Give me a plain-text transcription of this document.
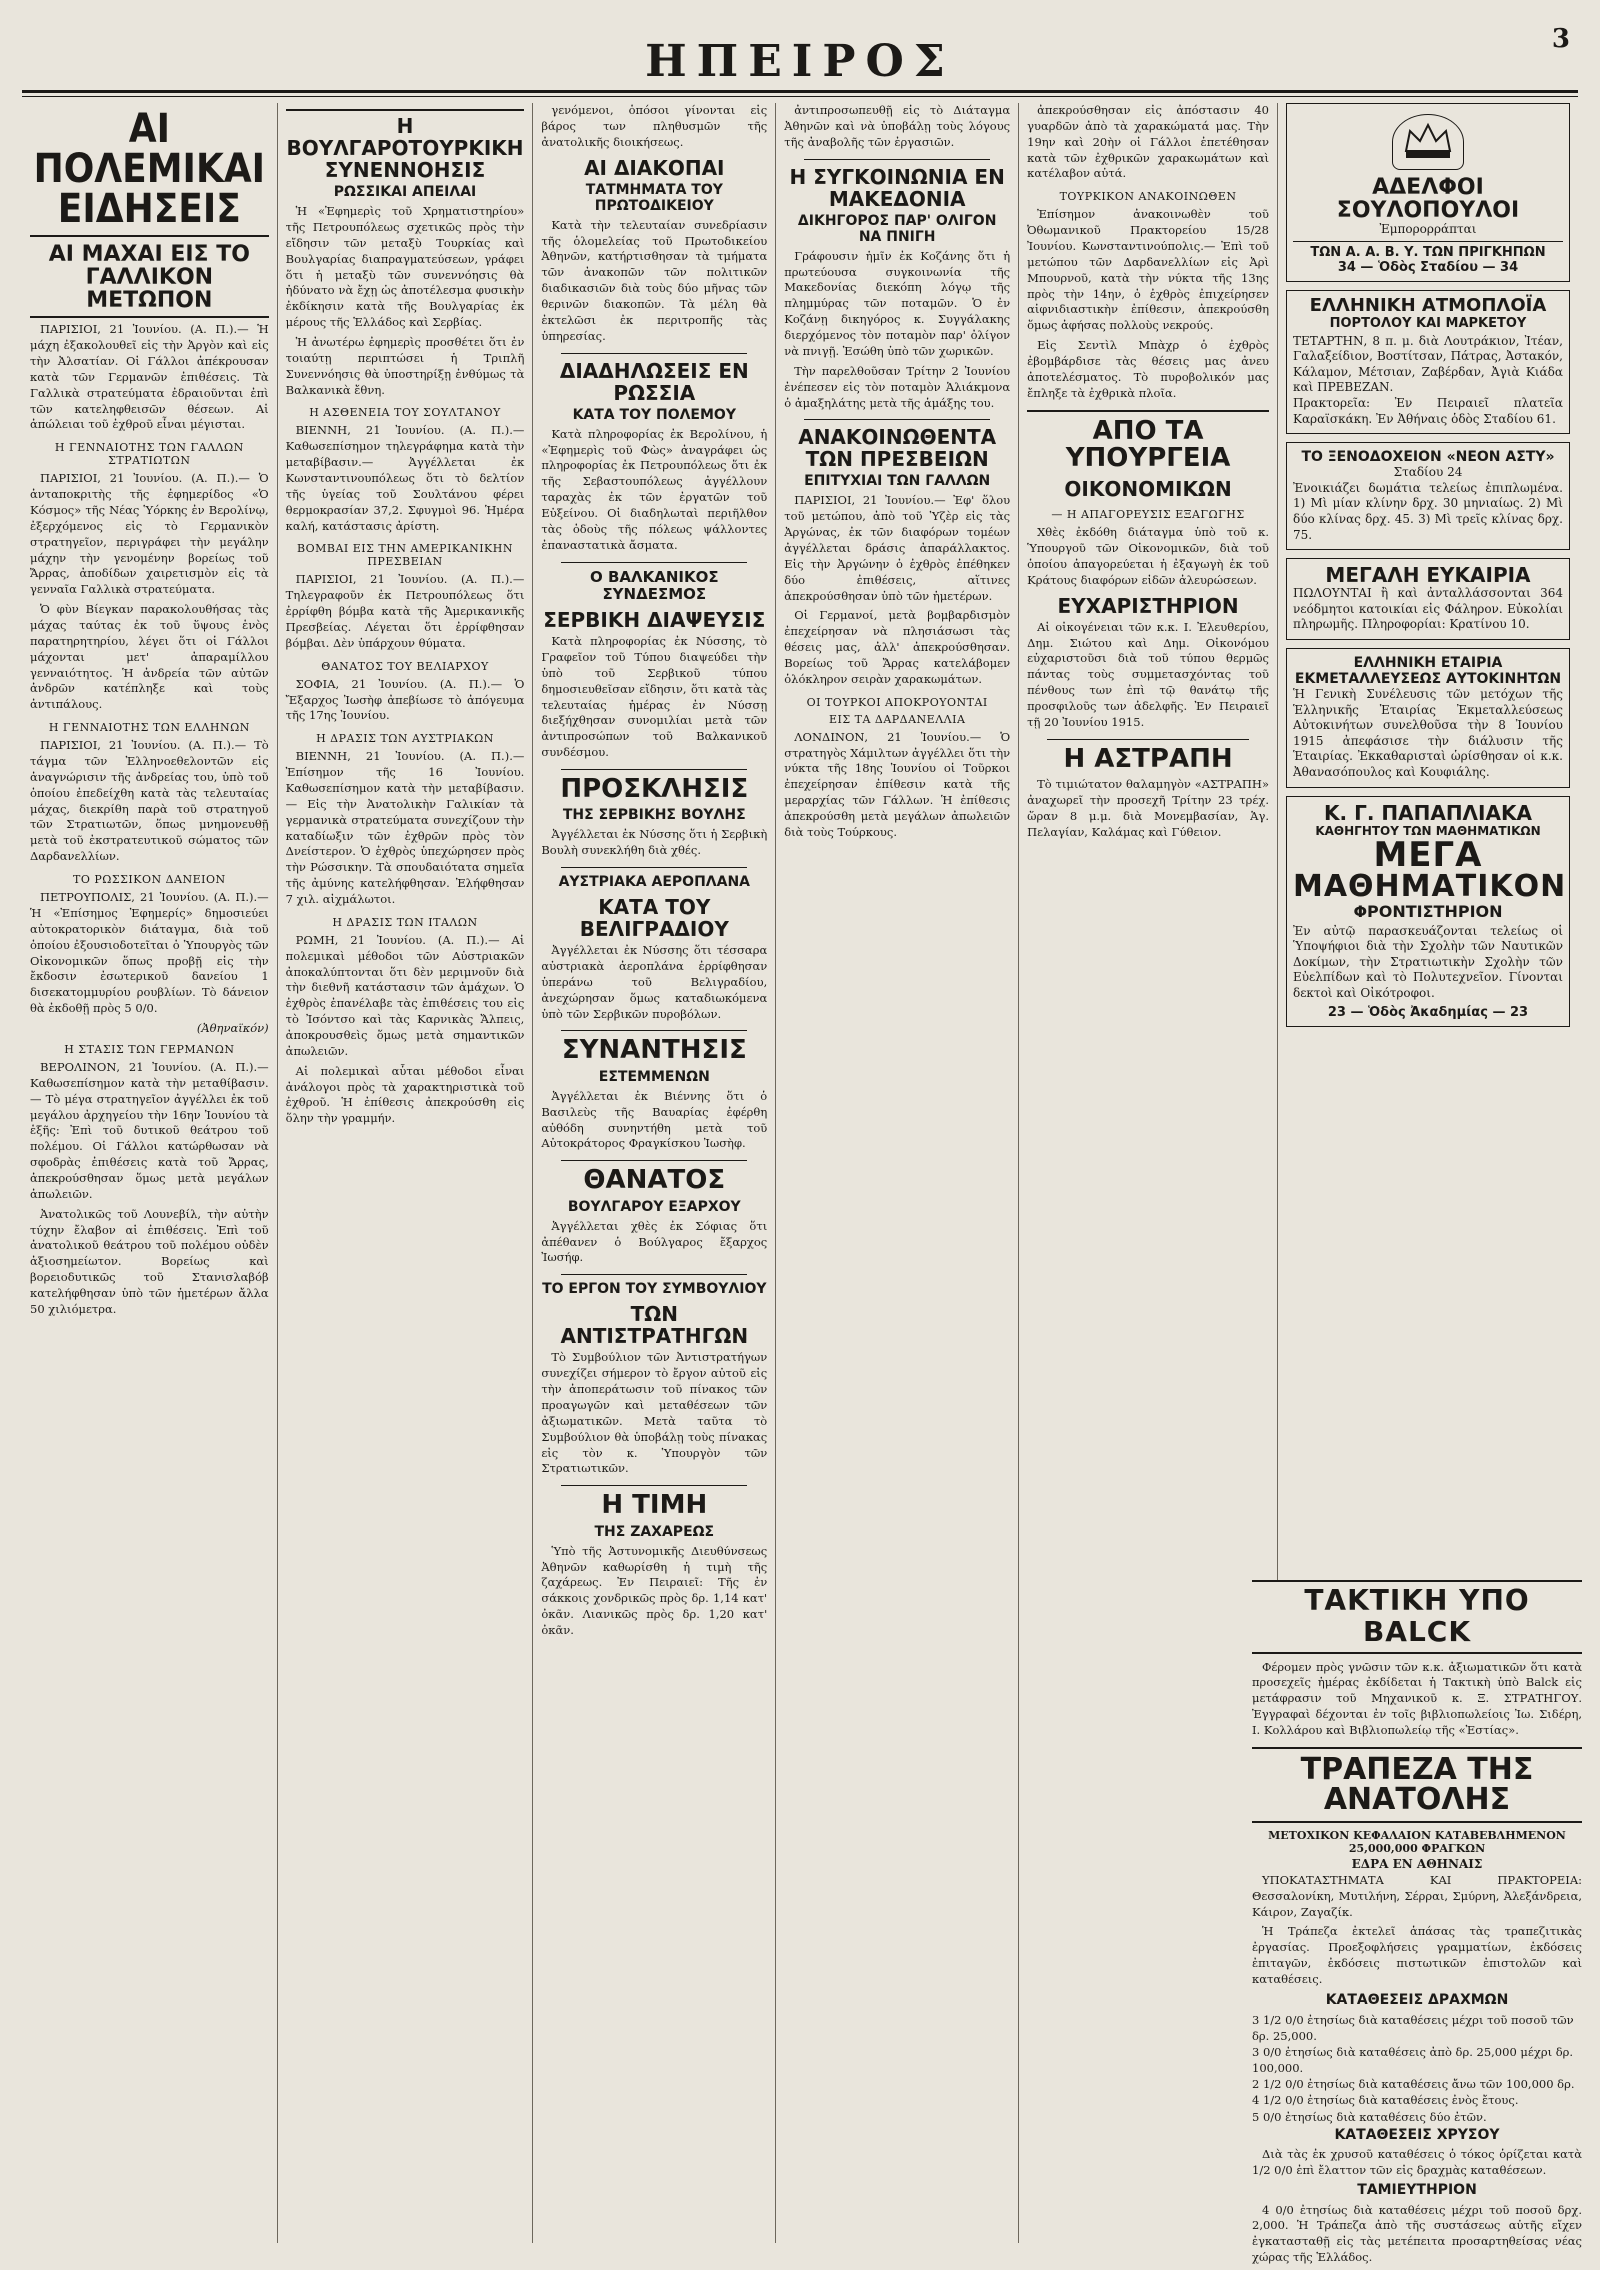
ΗΠΕΙΡΟΣ	3
ΑΙ ΠΟΛΕΜΙΚΑΙ ΕΙΔΗΣΕΙΣ
ΑΙ ΜΑΧΑΙ ΕΙΣ ΤΟ ΓΑΛΛΙΚΟΝ ΜΕΤΩΠΟΝ

ΠΑΡΙΣΙΟΙ, 21 Ἰουνίου. (Α. Π.).— Ἡ μάχη ἐξακολουθεῖ εἰς τὴν Ἀργὸν καὶ εἰς τὴν Ἀλσατίαν. Οἱ Γάλλοι ἀπέκρουσαν κατὰ τῶν Γερμανῶν ἐπιθέσεις. Τὰ Γαλλικὰ στρατεύματα ἐδραιοῦνται ἐπὶ τῶν κατεληφθεισῶν θέσεων. Αἱ ἀπώλειαι τοῦ ἐχθροῦ εἶναι μέγισται.

Η ΓΕΝΝΑΙΟΤΗΣ ΤΩΝ ΓΑΛΛΩΝ ΣΤΡΑΤΙΩΤΩΝ

ΠΑΡΙΣΙΟΙ, 21 Ἰουνίου. (Α. Π.).— Ὁ ἀνταποκριτὴς τῆς ἐφημερίδος «Ὁ Κόσμος» τῆς Νέας Ὑόρκης ἐν Βερολίνῳ, ἐξερχόμενος εἰς τὸ Γερμανικὸν στρατηγεῖον, περιγράφει τὴν μεγάλην μάχην τὴν γενομένην βορείως τοῦ Ἄρρας, ἀποδίδων χαιρετισμὸν εἰς τὰ γενναῖα Γαλλικὰ στρατεύματα.

Ὁ φὺν Βίεγκαν παρακολουθήσας τὰς μάχας ταύτας ἐκ τοῦ ὕψους ἑνὸς παρατηρητηρίου, λέγει ὅτι οἱ Γάλλοι μάχονται μετ' ἀπαραμίλλου γενναιότητος. Ἡ ἀνδρεία τῶν αὐτῶν ἀνδρῶν κατέπληξε καὶ τοὺς ἀντιπάλους.

Η ΓΕΝΝΑΙΟΤΗΣ ΤΩΝ ΕΛΛΗΝΩΝ

ΠΑΡΙΣΙΟΙ, 21 Ἰουνίου. (Α. Π.).— Τὸ τάγμα τῶν Ἑλληνοεθελοντῶν εἰς ἀναγνώρισιν τῆς ἀνδρείας του, ὑπὸ τοῦ ὁποίου ἐπεδείχθη κατὰ τὰς τελευταίας μάχας, διεκρίθη παρὰ τοῦ στρατηγοῦ τῶν Στρατιωτῶν, ὅπως μνημονευθῇ μετὰ τοῦ ἐκστρατευτικοῦ σώματος τῶν Δαρδανελλίων.

ΤΟ ΡΩΣΣΙΚΟΝ ΔΑΝΕΙΟΝ

ΠΕΤΡΟΥΠΟΛΙΣ, 21 Ἰουνίου. (Α. Π.).— Ἡ «Ἐπίσημος Ἐφημερίς» δημοσιεύει αὐτοκρατορικὸν διάταγμα, διὰ τοῦ ὁποίου ἐξουσιοδοτεῖται ὁ Ὑπουργὸς τῶν Οἰκονομικῶν ὅπως προβῇ εἰς τὴν ἔκδοσιν ἐσωτερικοῦ δανείου 1 δισεκατομμυρίου ρουβλίων. Τὸ δάνειον θὰ ἐκδοθῇ πρὸς 5 0/0.

(Ἀθηναϊκόν)
Η ΣΤΑΣΙΣ ΤΩΝ ΓΕΡΜΑΝΩΝ

ΒΕΡΟΛΙΝΟΝ, 21 Ἰουνίου. (Α. Π.).— Καθωσεπίσημον κατὰ τὴν μεταθίβασιν.— Τὸ μέγα στρατηγεῖον ἀγγέλλει ἐκ τοῦ μεγάλου ἀρχηγείου τὴν 16ην Ἰουνίου τὰ ἑξῆς: Ἐπὶ τοῦ δυτικοῦ θεάτρου τοῦ πολέμου. Οἱ Γάλλοι κατώρθωσαν νὰ σφοδρὰς ἐπιθέσεις κατὰ τοῦ Ἄρρας, ἀπεκρούσθησαν ὅμως μετὰ μεγάλων ἀπωλειῶν.

Ἀνατολικῶς τοῦ Λουνεβίλ, τὴν αὐτὴν τύχην ἔλαβον αἱ ἐπιθέσεις. Ἐπὶ τοῦ ἀνατολικοῦ θεάτρου τοῦ πολέμου οὐδὲν ἀξιοσημείωτον. Βορείως καὶ βορειοδυτικῶς τοῦ Στανισλαβόβ κατελήφθησαν ὑπὸ τῶν ἡμετέρων ἄλλα 50 χιλιόμετρα.

Η ΒΟΥΛΓΑΡΟΤΟΥΡΚΙΚΗ ΣΥΝΕΝΝΟΗΣΙΣ
ΡΩΣΣΙΚΑΙ ΑΠΕΙΛΑΙ

Ἡ «Ἐφημερὶς τοῦ Χρηματιστηρίου» τῆς Πετρουπόλεως σχετικῶς πρὸς τὴν εἴδησιν τῶν μεταξὺ Τουρκίας καὶ Βουλγαρίας διαπραγματεύσεων, γράφει ὅτι ἡ μεταξὺ τῶν συνεννόησις θὰ ἠδύνατο νὰ ἔχῃ ὡς ἀποτέλεσμα φυσικὴν ἐκδίκησιν κατὰ τῆς Βουλγαρίας ἐκ μέρους τῆς Ἑλλάδος καὶ Σερβίας.

Ἡ ἀνωτέρω ἐφημερὶς προσθέτει ὅτι ἐν τοιαύτῃ περιπτώσει ἡ Τριπλῆ Συνεννόησις θὰ ὑποστηρίξῃ ἐνθύμως τὰ Βαλκανικὰ ἔθνη.

Η ΑΣΘΕΝΕΙΑ ΤΟΥ ΣΟΥΛΤΑΝΟΥ

ΒΙΕΝΝΗ, 21 Ἰουνίου. (Α. Π.).— Καθωσεπίσημον τηλεγράφημα κατὰ τὴν μεταβίβασιν.— Ἀγγέλλεται ἐκ Κωνσταντινουπόλεως ὅτι τὸ δελτίον τῆς ὑγείας τοῦ Σουλτάνου φέρει θερμοκρασίαν 37,2. Σφυγμοὶ 96. Ἡμέρα καλή, κατάστασις ἀρίστη.

ΒΟΜΒΑΙ ΕΙΣ ΤΗΝ ΑΜΕΡΙΚΑΝΙΚΗΝ ΠΡΕΣΒΕΙΑΝ

ΠΑΡΙΣΙΟΙ, 21 Ἰουνίου. (Α. Π.).— Τηλεγραφοῦν ἐκ Πετρουπόλεως ὅτι ἐρρίφθη βόμβα κατὰ τῆς Ἀμερικανικῆς Πρεσβείας. Λέγεται ὅτι ἐρρίφθησαν βόμβαι. Δὲν ὑπάρχουν θύματα.

ΘΑΝΑΤΟΣ ΤΟΥ ΒΕΛΙΑΡΧΟΥ

ΣΟΦΙΑ, 21 Ἰουνίου. (Α. Π.).— Ὁ Ἔξαρχος Ἰωσὴφ ἀπεβίωσε τὸ ἀπόγευμα τῆς 17ης Ἰουνίου.

Η ΔΡΑΣΙΣ ΤΩΝ ΑΥΣΤΡΙΑΚΩΝ

ΒΙΕΝΝΗ, 21 Ἰουνίου. (Α. Π.).— Ἐπίσημον τῆς 16 Ἰουνίου. Καθωσεπίσημον κατὰ τὴν μεταβίβασιν.— Εἰς τὴν Ἀνατολικὴν Γαλικίαν τὰ γερμανικὰ στρατεύματα συνεχίζουν τὴν καταδίωξιν τῶν ἐχθρῶν πρὸς τὸν Δνείστερον. Ὁ ἐχθρὸς ὑπεχώρησεν πρὸς τὴν Ρώσσικην. Τὰ σπουδαιότατα σημεῖα τῆς ἀμύνης κατελήφθησαν. Ἐλήφθησαν 7 χιλ. αἰχμάλωτοι.

Η ΔΡΑΣΙΣ ΤΩΝ ΙΤΑΛΩΝ

ΡΩΜΗ, 21 Ἰουνίου. (Α. Π.).— Αἱ πολεμικαὶ μέθοδοι τῶν Αὐστριακῶν ἀποκαλύπτονται ὅτι δὲν μεριμνοῦν διὰ τὴν διεθνῆ κατάστασιν τῶν ἀμάχων. Ὁ ἐχθρὸς ἐπανέλαβε τὰς ἐπιθέσεις του εἰς τὸ Ἰσόντσο καὶ τὰς Καρνικὰς Ἄλπεις, ἀποκρουσθεὶς ὅμως μετὰ σημαντικῶν ἀπωλειῶν.

Αἱ πολεμικαὶ αὗται μέθοδοι εἶναι ἀνάλογοι πρὸς τὰ χαρακτηριστικὰ τοῦ ἐχθροῦ. Ἡ ἐπίθεσις ἀπεκρούσθη εἰς ὅλην τὴν γραμμήν.

γενόμενοι, ὁπόσοι γίνονται εἰς βάρος των πληθυσμῶν τῆς ἀνατολικῆς διοικήσεως.

ΑΙ ΔΙΑΚΟΠΑΙ
ΤΑΤΜΗΜΑΤΑ ΤΟΥ ΠΡΩΤΟΔΙΚΕΙΟΥ

Κατὰ τὴν τελευταίαν συνεδρίασιν τῆς ὁλομελείας τοῦ Πρωτοδικείου Ἀθηνῶν, κατήρτισθησαν τὰ τμήματα τῶν ἀνακοπῶν τῶν πολιτικῶν διαδικασιῶν διὰ τοὺς δύο μῆνας τῶν θερινῶν διακοπῶν. Τὰ μέλη θὰ ἐκτελῶσι ἐκ περιτροπῆς τὰς ὑπηρεσίας.

ΔΙΑΔΗΛΩΣΕΙΣ ΕΝ ΡΩΣΣΙΑ
ΚΑΤΑ ΤΟΥ ΠΟΛΕΜΟΥ

Κατὰ πληροφορίας ἐκ Βερολίνου, ἡ «Ἐφημερὶς τοῦ Φὼς» ἀναγράφει ὡς πληροφορίας ἐκ Πετρουπόλεως ὅτι ἐκ τῆς Σεβαστουπόλεως ἀγγέλλουν ταραχὰς ἐκ τῶν ἐργατῶν τοῦ Εὐξείνου. Οἱ διαδηλωταὶ περιῆλθον τὰς ὁδοὺς τῆς πόλεως ψάλλοντες ἐπαναστατικὰ ἄσματα.

Ο ΒΑΛΚΑΝΙΚΟΣ ΣΥΝΔΕΣΜΟΣ
ΣΕΡΒΙΚΗ ΔΙΑΨΕΥΣΙΣ

Κατὰ πληροφορίας ἐκ Νύσσης, τὸ Γραφεῖον τοῦ Τύπου διαψεύδει τὴν ὑπὸ τοῦ Σερβικοῦ τύπου δημοσιευθεῖσαν εἴδησιν, ὅτι κατὰ τὰς τελευταίας ἡμέρας ἐν Νύσσῃ διεξήχθησαν συνομιλίαι μετὰ τῶν ἀντιπροσώπων τοῦ Βαλκανικοῦ συνδέσμου.

ΠΡΟΣΚΛΗΣΙΣ
ΤΗΣ ΣΕΡΒΙΚΗΣ ΒΟΥΛΗΣ

Ἀγγέλλεται ἐκ Νύσσης ὅτι ἡ Σερβικὴ Βουλὴ συνεκλήθη διὰ χθές.

ΑΥΣΤΡΙΑΚΑ ΑΕΡΟΠΛΑΝΑ
ΚΑΤΑ ΤΟΥ ΒΕΛΙΓΡΑΔΙΟΥ

Ἀγγέλλεται ἐκ Νύσσης ὅτι τέσσαρα αὐστριακὰ ἀεροπλάνα ἐρρίφθησαν ὑπεράνω τοῦ Βελιγραδίου, ἀνεχώρησαν ὅμως καταδιωκόμενα ὑπὸ τῶν Σερβικῶν πυροβόλων.

ΣΥΝΑΝΤΗΣΙΣ
ΕΣΤΕΜΜΕΝΩΝ

Ἀγγέλλεται ἐκ Βιέννης ὅτι ὁ Βασιλεὺς τῆς Βαυαρίας ἐφέρθη αὐθόδη συνηντήθη μετὰ τοῦ Αὐτοκράτορος Φραγκίσκου Ἰωσὴφ.

ΘΑΝΑΤΟΣ
ΒΟΥΛΓΑΡΟΥ ΕΞΑΡΧΟΥ

Ἀγγέλλεται χθὲς ἐκ Σόφιας ὅτι ἀπέθανεν ὁ Βούλγαρος ἔξαρχος Ἰωσήφ.

ΤΟ ΕΡΓΟΝ ΤΟΥ ΣΥΜΒΟΥΛΙΟΥ
ΤΩΝ ΑΝΤΙΣΤΡΑΤΗΓΩΝ

Τὸ Συμβούλιον τῶν Ἀντιστρατήγων συνεχίζει σήμερον τὸ ἔργον αὐτοῦ εἰς τὴν ἀποπεράτωσιν τοῦ πίνακος τῶν προαγωγῶν καὶ μεταθέσεων τῶν ἀξιωματικῶν. Μετὰ ταῦτα τὸ Συμβούλιον θὰ ὑποβάλῃ τοὺς πίνακας εἰς τὸν κ. Ὑπουργὸν τῶν Στρατιωτικῶν.

Η ΤΙΜΗ
ΤΗΣ ΖΑΧΑΡΕΩΣ

Ὑπὸ τῆς Ἀστυνομικῆς Διευθύνσεως Ἀθηνῶν καθωρίσθη ἡ τιμὴ τῆς ζαχάρεως. Ἐν Πειραιεῖ: Τῆς ἐν σάκκοις χονδρικῶς πρὸς δρ. 1,14 κατ' ὀκᾶν. Λιανικῶς πρὸς δρ. 1,20 κατ' ὀκᾶν.

ἀντιπροσωπευθῇ εἰς τὸ Διάταγμα Ἀθηνῶν καὶ νὰ ὑποβάλῃ τοὺς λόγους τῆς ἀναβολῆς τῶν ἐργασιῶν.

Η ΣΥΓΚΟΙΝΩΝΙΑ ΕΝ ΜΑΚΕΔΟΝΙΑ
ΔΙΚΗΓΟΡΟΣ ΠΑΡ' ΟΛΙΓΟΝ ΝΑ ΠΝΙΓΗ

Γράφουσιν ἡμῖν ἐκ Κοζάνης ὅτι ἡ πρωτεύουσα συγκοινωνία τῆς Μακεδονίας διεκόπη λόγῳ τῆς πλημμύρας τῶν ποταμῶν. Ὁ ἐν Κοζάνῃ δικηγόρος κ. Συγγάλακης διερχόμενος τὸν ποταμὸν παρ' ὀλίγον νὰ πνιγῇ. Ἐσώθη ὑπὸ τῶν χωρικῶν.

Τὴν παρελθοῦσαν Τρίτην 2 Ἰουνίου ἐνέπεσεν εἰς τὸν ποταμὸν Ἁλιάκμονα ὁ ἀμαξηλάτης μετὰ τῆς ἁμάξης του.

ΑΝΑΚΟΙΝΩΘΕΝΤΑ ΤΩΝ ΠΡΕΣΒΕΙΩΝ
ΕΠΙΤΥΧΙΑΙ ΤΩΝ ΓΑΛΛΩΝ

ΠΑΡΙΣΙΟΙ, 21 Ἰουνίου.— Ἐφ' ὅλου τοῦ μετώπου, ἀπὸ τοῦ Ὑζὲρ εἰς τὰς Ἀργώνας, ἐκ τῶν διαφόρων τομέων ἀγγέλλεται δράσις ἀπαράλλακτος. Εἰς τὴν Ἀργώνην ὁ ἐχθρὸς ἐπέθηκεν δύο ἐπιθέσεις, αἵτινες ἀπεκρούσθησαν ὑπὸ τῶν ἡμετέρων.

Οἱ Γερμανοί, μετὰ βομβαρδισμὸν ἐπεχείρησαν νὰ πλησιάσωσι τὰς θέσεις μας, ἀλλ' ἀπεκρούσθησαν. Βορείως τοῦ Ἄρρας κατελάβομεν ὁλόκληρον σειρὰν χαρακωμάτων.

ΟΙ ΤΟΥΡΚΟΙ ΑΠΟΚΡΟΥΟΝΤΑΙ
ΕΙΣ ΤΑ ΔΑΡΔΑΝΕΛΛΙΑ

ΛΟΝΔΙΝΟΝ, 21 Ἰουνίου.— Ὁ στρατηγὸς Χάμιλτων ἀγγέλλει ὅτι τὴν νύκτα τῆς 18ης Ἰουνίου οἱ Τοῦρκοι ἐπεχείρησαν ἐπίθεσιν κατὰ τῆς μεραρχίας τῶν Γάλλων. Ἡ ἐπίθεσις ἀπεκρούσθη μετὰ μεγάλων ἀπωλειῶν διὰ τοὺς Τούρκους.

ἀπεκρούσθησαν εἰς ἀπόστασιν 40 γυαρδῶν ἀπὸ τὰ χαρακώματά μας. Τὴν 19ην καὶ 20ὴν οἱ Γάλλοι ἐπετέθησαν κατὰ τῶν ἐχθρικῶν χαρακωμάτων καὶ κατέλαβον αὐτά.

ΤΟΥΡΚΙΚΟΝ ΑΝΑΚΟΙΝΩΘΕΝ

Ἐπίσημον ἀνακοινωθὲν τοῦ Ὀθωμανικοῦ Πρακτορείου 15/28 Ἰουνίου. Κωνσταντινούπολις.— Ἐπὶ τοῦ μετώπου τῶν Δαρδανελλίων εἰς Ἀρὶ Μπουρνοῦ, κατὰ τὴν νύκτα τῆς 13ης πρὸς τὴν 14ην, ὁ ἐχθρὸς ἐπιχείρησεν αἰφνιδιαστικὴν ἐπίθεσιν, ἀπεκρούσθη ὅμως ἀφήσας πολλοὺς νεκρούς.

Εἰς Σεντὶλ Μπὰχρ ὁ ἐχθρὸς ἐβομβάρδισε τὰς θέσεις μας ἀνευ ἀποτελέσματος. Τὸ πυροβολικόν μας ἔπληξε τὰ ἐχθρικὰ πλοῖα.

ΑΠΟ ΤΑ ΥΠΟΥΡΓΕΙΑ
ΟΙΚΟΝΟΜΙΚΩΝ
— Η ΑΠΑΓΟΡΕΥΣΙΣ ΕΞΑΓΩΓΗΣ

Χθὲς ἐκδόθη διάταγμα ὑπὸ τοῦ κ. Ὑπουργοῦ τῶν Οἰκονομικῶν, διὰ τοῦ ὁποίου ἀπαγορεύεται ἡ ἐξαγωγὴ ἐκ τοῦ Κράτους διαφόρων εἰδῶν ἀλευρώσεων.

ΕΥΧΑΡΙΣΤΗΡΙΟΝ

Αἱ οἰκογένειαι τῶν κ.κ. Ι. Ἐλευθερίου, Δημ. Σιώτου καὶ Δημ. Οἰκονόμου εὐχαριστοῦσι διὰ τοῦ τύπου θερμῶς πάντας τοὺς συμμετασχόντας τοῦ πένθους των ἐπὶ τῷ θανάτῳ τῆς προσφιλοῦς των ἀδελφῆς. Ἐν Πειραιεῖ τῇ 20 Ἰουνίου 1915.

Η ΑΣΤΡΑΠΗ

Τὸ τιμιώτατον θαλαμηγὸν «ΑΣΤΡΑΠΗ» ἀναχωρεῖ τὴν προσεχῆ Τρίτην 23 τρέχ. ὥραν 8 μ.μ. διὰ Μονεμβασίαν, Ἁγ. Πελαγίαν, Καλάμας καὶ Γύθειον.

ΑΔΕΛΦΟΙ ΣΟΥΛΟΠΟΥΛΟΙ
Ἐμπορορράπται
ΤΩΝ Α. Α. Β. Υ. ΤΩΝ ΠΡΙΓΚΗΠΩΝ
34 — Ὁδὸς Σταδίου — 34
ΕΛΛΗΝΙΚΗ ΑΤΜΟΠΛΟΪΑ
ΠΟΡΤΟΛΟΥ ΚΑΙ ΜΑΡΚΕΤΟΥ
ΤΕΤΑΡΤΗΝ, 8 π. μ. διὰ Λουτράκιον, Ἰτέαν, Γαλαξείδιον, Βοστίτσαν, Πάτρας, Ἀστακόν, Κάλαμον, Μέτσιαν, Ζαβέρδαν, Ἀγιὰ Κιάδα καὶ ΠΡΕΒΕΖΑΝ.
Πρακτορεῖα: Ἐν Πειραιεῖ πλατεῖα Καραϊσκάκη. Ἐν Ἀθήναις ὁδὸς Σταδίου 61.
ΤΟ ΞΕΝΟΔΟΧΕΙΟΝ «ΝΕΟΝ ΑΣΤΥ»
Σταδίου 24
Ἐνοικιάζει δωμάτια τελείως ἐπιπλωμένα. 1) Μὶ μίαν κλίνην δρχ. 30 μηνιαίως. 2) Μὶ δύο κλίνας δρχ. 45. 3) Μὶ τρεῖς κλίνας δρχ. 75.
ΜΕΓΑΛΗ ΕΥΚΑΙΡΙΑ
ΠΩΛΟΥΝΤΑΙ ἢ καὶ ἀνταλλάσσονται 364 νεόδμητοι κατοικίαι εἰς Φάληρον. Εὐκολίαι πληρωμῆς. Πληροφορίαι: Κρατίνου 10.
ΕΛΛΗΝΙΚΗ ΕΤΑΙΡΙΑ ΕΚΜΕΤΑΛΛΕΥΣΕΩΣ ΑΥΤΟΚΙΝΗΤΩΝ
Ἡ Γενικὴ Συνέλευσις τῶν μετόχων τῆς Ἑλληνικῆς Ἑταιρίας Ἐκμεταλλεύσεως Αὐτοκινήτων συνελθοῦσα τὴν 8 Ἰουνίου 1915 ἀπεφάσισε τὴν διάλυσιν τῆς Ἑταιρίας. Ἐκκαθαρισταὶ ὡρίσθησαν οἱ κ.κ. Ἀθανασόπουλος καὶ Κουφιάλης.
Κ. Γ. ΠΑΠΑΠΛΙΑΚΑ
ΚΑΘΗΓΗΤΟΥ ΤΩΝ ΜΑΘΗΜΑΤΙΚΩΝ
ΜΕΓΑ
ΜΑΘΗΜΑΤΙΚΟΝ
ΦΡΟΝΤΙΣΤΗΡΙΟΝ
Ἐν αὐτῷ παρασκευάζονται τελείως οἱ Ὑποψήφιοι διὰ τὴν Σχολὴν τῶν Ναυτικῶν Δοκίμων, τὴν Στρατιωτικὴν Σχολὴν τῶν Εὐελπίδων καὶ τὸ Πολυτεχνεῖον. Γίνονται δεκτοὶ καὶ Οἰκότροφοι.
23 — Ὁδὸς Ἀκαδημίας — 23
ΤΑΚΤΙΚΗ ΥΠΟ BALCK

Φέρομεν πρὸς γνῶσιν τῶν κ.κ. ἀξιωματικῶν ὅτι κατὰ προσεχεῖς ἡμέρας ἐκδίδεται ἡ Τακτικὴ ὑπὸ Balck εἰς μετάφρασιν τοῦ Μηχανικοῦ κ. Ξ. ΣΤΡΑΤΗΓΟΥ. Ἐγγραφαὶ δέχονται ἐν τοῖς βιβλιοπωλείοις Ἰω. Σιδέρη, Ι. Κολλάρου καὶ Βιβλιοπωλείῳ τῆς «Ἑστίας».

ΤΡΑΠΕΖΑ ΤΗΣ ΑΝΑΤΟΛΗΣ
ΜΕΤΟΧΙΚΟΝ ΚΕΦΑΛΑΙΟΝ ΚΑΤΑΒΕΒΛΗΜΕΝΟΝ 25,000,000 ΦΡΑΓΚΩΝ
ΕΔΡΑ ΕΝ ΑΘΗΝΑΙΣ

ΥΠΟΚΑΤΑΣΤΗΜΑΤΑ ΚΑΙ ΠΡΑΚΤΟΡΕΙΑ: Θεσσαλονίκη, Μυτιλήνη, Σέρραι, Σμύρνη, Ἀλεξάνδρεια, Κάιρον, Ζαγαζίκ.

Ἡ Τράπεζα ἐκτελεῖ ἁπάσας τὰς τραπεζιτικὰς ἐργασίας. Προεξοφλήσεις γραμματίων, ἐκδόσεις ἐπιταγῶν, ἐκδόσεις πιστωτικῶν ἐπιστολῶν καὶ καταθέσεις.

ΚΑΤΑΘΕΣΕΙΣ ΔΡΑΧΜΩΝ
3 1/2 0/0 ἐτησίως διὰ καταθέσεις μέχρι τοῦ ποσοῦ τῶν δρ. 25,000.
3 0/0 ἐτησίως διὰ καταθέσεις ἀπὸ δρ. 25,000 μέχρι δρ. 100,000.
2 1/2 0/0 ἐτησίως διὰ καταθέσεις ἄνω τῶν 100,000 δρ.
4 1/2 0/0 ἐτησίως διὰ καταθέσεις ἐνὸς ἔτους.
5 0/0 ἐτησίως διὰ καταθέσεις δύο ἐτῶν.
ΚΑΤΑΘΕΣΕΙΣ ΧΡΥΣΟΥ

Διὰ τὰς ἐκ χρυσοῦ καταθέσεις ὁ τόκος ὁρίζεται κατὰ 1/2 0/0 ἐπὶ ἔλαττον τῶν εἰς δραχμὰς καταθέσεων.

ΤΑΜΙΕΥΤΗΡΙΟΝ

4 0/0 ἐτησίως διὰ καταθέσεις μέχρι τοῦ ποσοῦ δρχ. 2,000. Ἡ Τράπεζα ἀπὸ τῆς συστάσεως αὐτῆς εἴχεν ἐγκατασταθῇ εἰς τὰς μετέπειτα προσαρτηθείσας νέας χώρας τῆς Ἑλλάδος.
